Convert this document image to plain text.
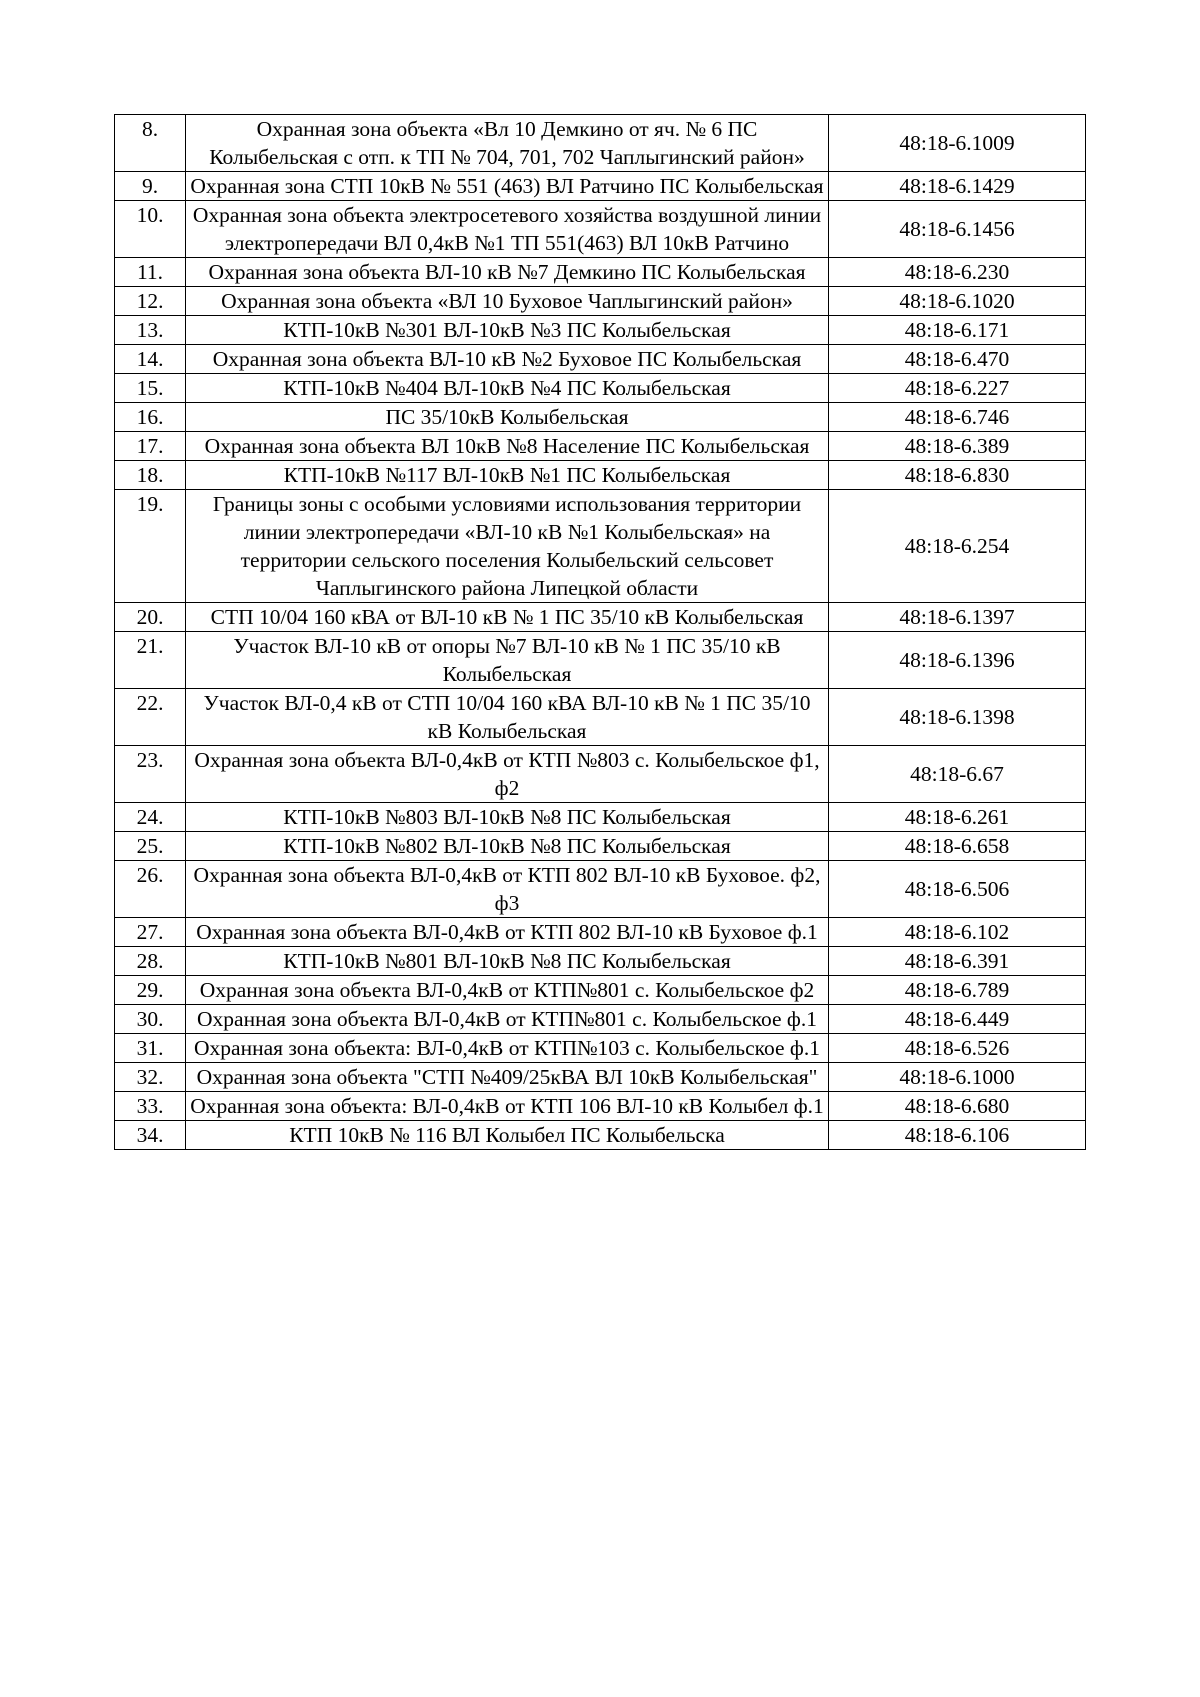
8.	Охранная зона объекта «Вл 10 Демкино от яч. № 6 ПС Колыбельская с отп. к ТП № 704, 701, 702 Чаплыгинский район»	48:18-6.1009
9.	Охранная зона СТП 10кВ № 551 (463) ВЛ Ратчино ПС Колыбельская	48:18-6.1429
10.	Охранная зона объекта электросетевого хозяйства воздушной линии электропередачи ВЛ 0,4кВ №1 ТП 551(463) ВЛ 10кВ Ратчино	48:18-6.1456
11.	Охранная зона объекта ВЛ-10 кВ №7 Демкино ПС Колыбельская	48:18-6.230
12.	Охранная зона объекта «ВЛ 10 Буховое Чаплыгинский район»	48:18-6.1020
13.	КТП-10кВ №301 ВЛ-10кВ №3 ПС Колыбельская	48:18-6.171
14.	Охранная зона объекта ВЛ-10 кВ №2 Буховое ПС Колыбельская	48:18-6.470
15.	КТП-10кВ №404 ВЛ-10кВ №4 ПС Колыбельская	48:18-6.227
16.	ПС 35/10кВ Колыбельская	48:18-6.746
17.	Охранная зона объекта ВЛ 10кВ №8 Население ПС Колыбельская	48:18-6.389
18.	КТП-10кВ №117 ВЛ-10кВ №1 ПС Колыбельская	48:18-6.830
19.	Границы зоны с особыми условиями использования территории линии электропередачи «ВЛ-10 кВ №1 Колыбельская» на территории сельского поселения Колыбельский сельсовет Чаплыгинского района Липецкой области	48:18-6.254
20.	СТП 10/04 160 кВА от ВЛ-10 кВ № 1 ПС 35/10 кВ Колыбельская	48:18-6.1397
21.	Участок ВЛ-10 кВ от опоры №7 ВЛ-10 кВ № 1 ПС 35/10 кВ Колыбельская	48:18-6.1396
22.	Участок ВЛ-0,4 кВ от СТП 10/04 160 кВА ВЛ-10 кВ № 1 ПС 35/10 кВ Колыбельская	48:18-6.1398
23.	Охранная зона объекта ВЛ-0,4кВ от КТП №803 с. Колыбельское ф1, ф2	48:18-6.67
24.	КТП-10кВ №803 ВЛ-10кВ №8 ПС Колыбельская	48:18-6.261
25.	КТП-10кВ №802 ВЛ-10кВ №8 ПС Колыбельская	48:18-6.658
26.	Охранная зона объекта ВЛ-0,4кВ от КТП 802 ВЛ-10 кВ Буховое. ф2, ф3	48:18-6.506
27.	Охранная зона объекта ВЛ-0,4кВ от КТП 802 ВЛ-10 кВ Буховое ф.1	48:18-6.102
28.	КТП-10кВ №801 ВЛ-10кВ №8 ПС Колыбельская	48:18-6.391
29.	Охранная зона объекта ВЛ-0,4кВ от КТП№801 с. Колыбельское ф2	48:18-6.789
30.	Охранная зона объекта ВЛ-0,4кВ от КТП№801 с. Колыбельское ф.1	48:18-6.449
31.	Охранная зона объекта: ВЛ-0,4кВ от КТП№103 с. Колыбельское ф.1	48:18-6.526
32.	Охранная зона объекта "СТП №409/25кВА ВЛ 10кВ Колыбельская"	48:18-6.1000
33.	Охранная зона объекта: ВЛ-0,4кВ от КТП 106 ВЛ-10 кВ Колыбел ф.1	48:18-6.680
34.	КТП 10кВ № 116 ВЛ Колыбел ПС Колыбельска	48:18-6.106
